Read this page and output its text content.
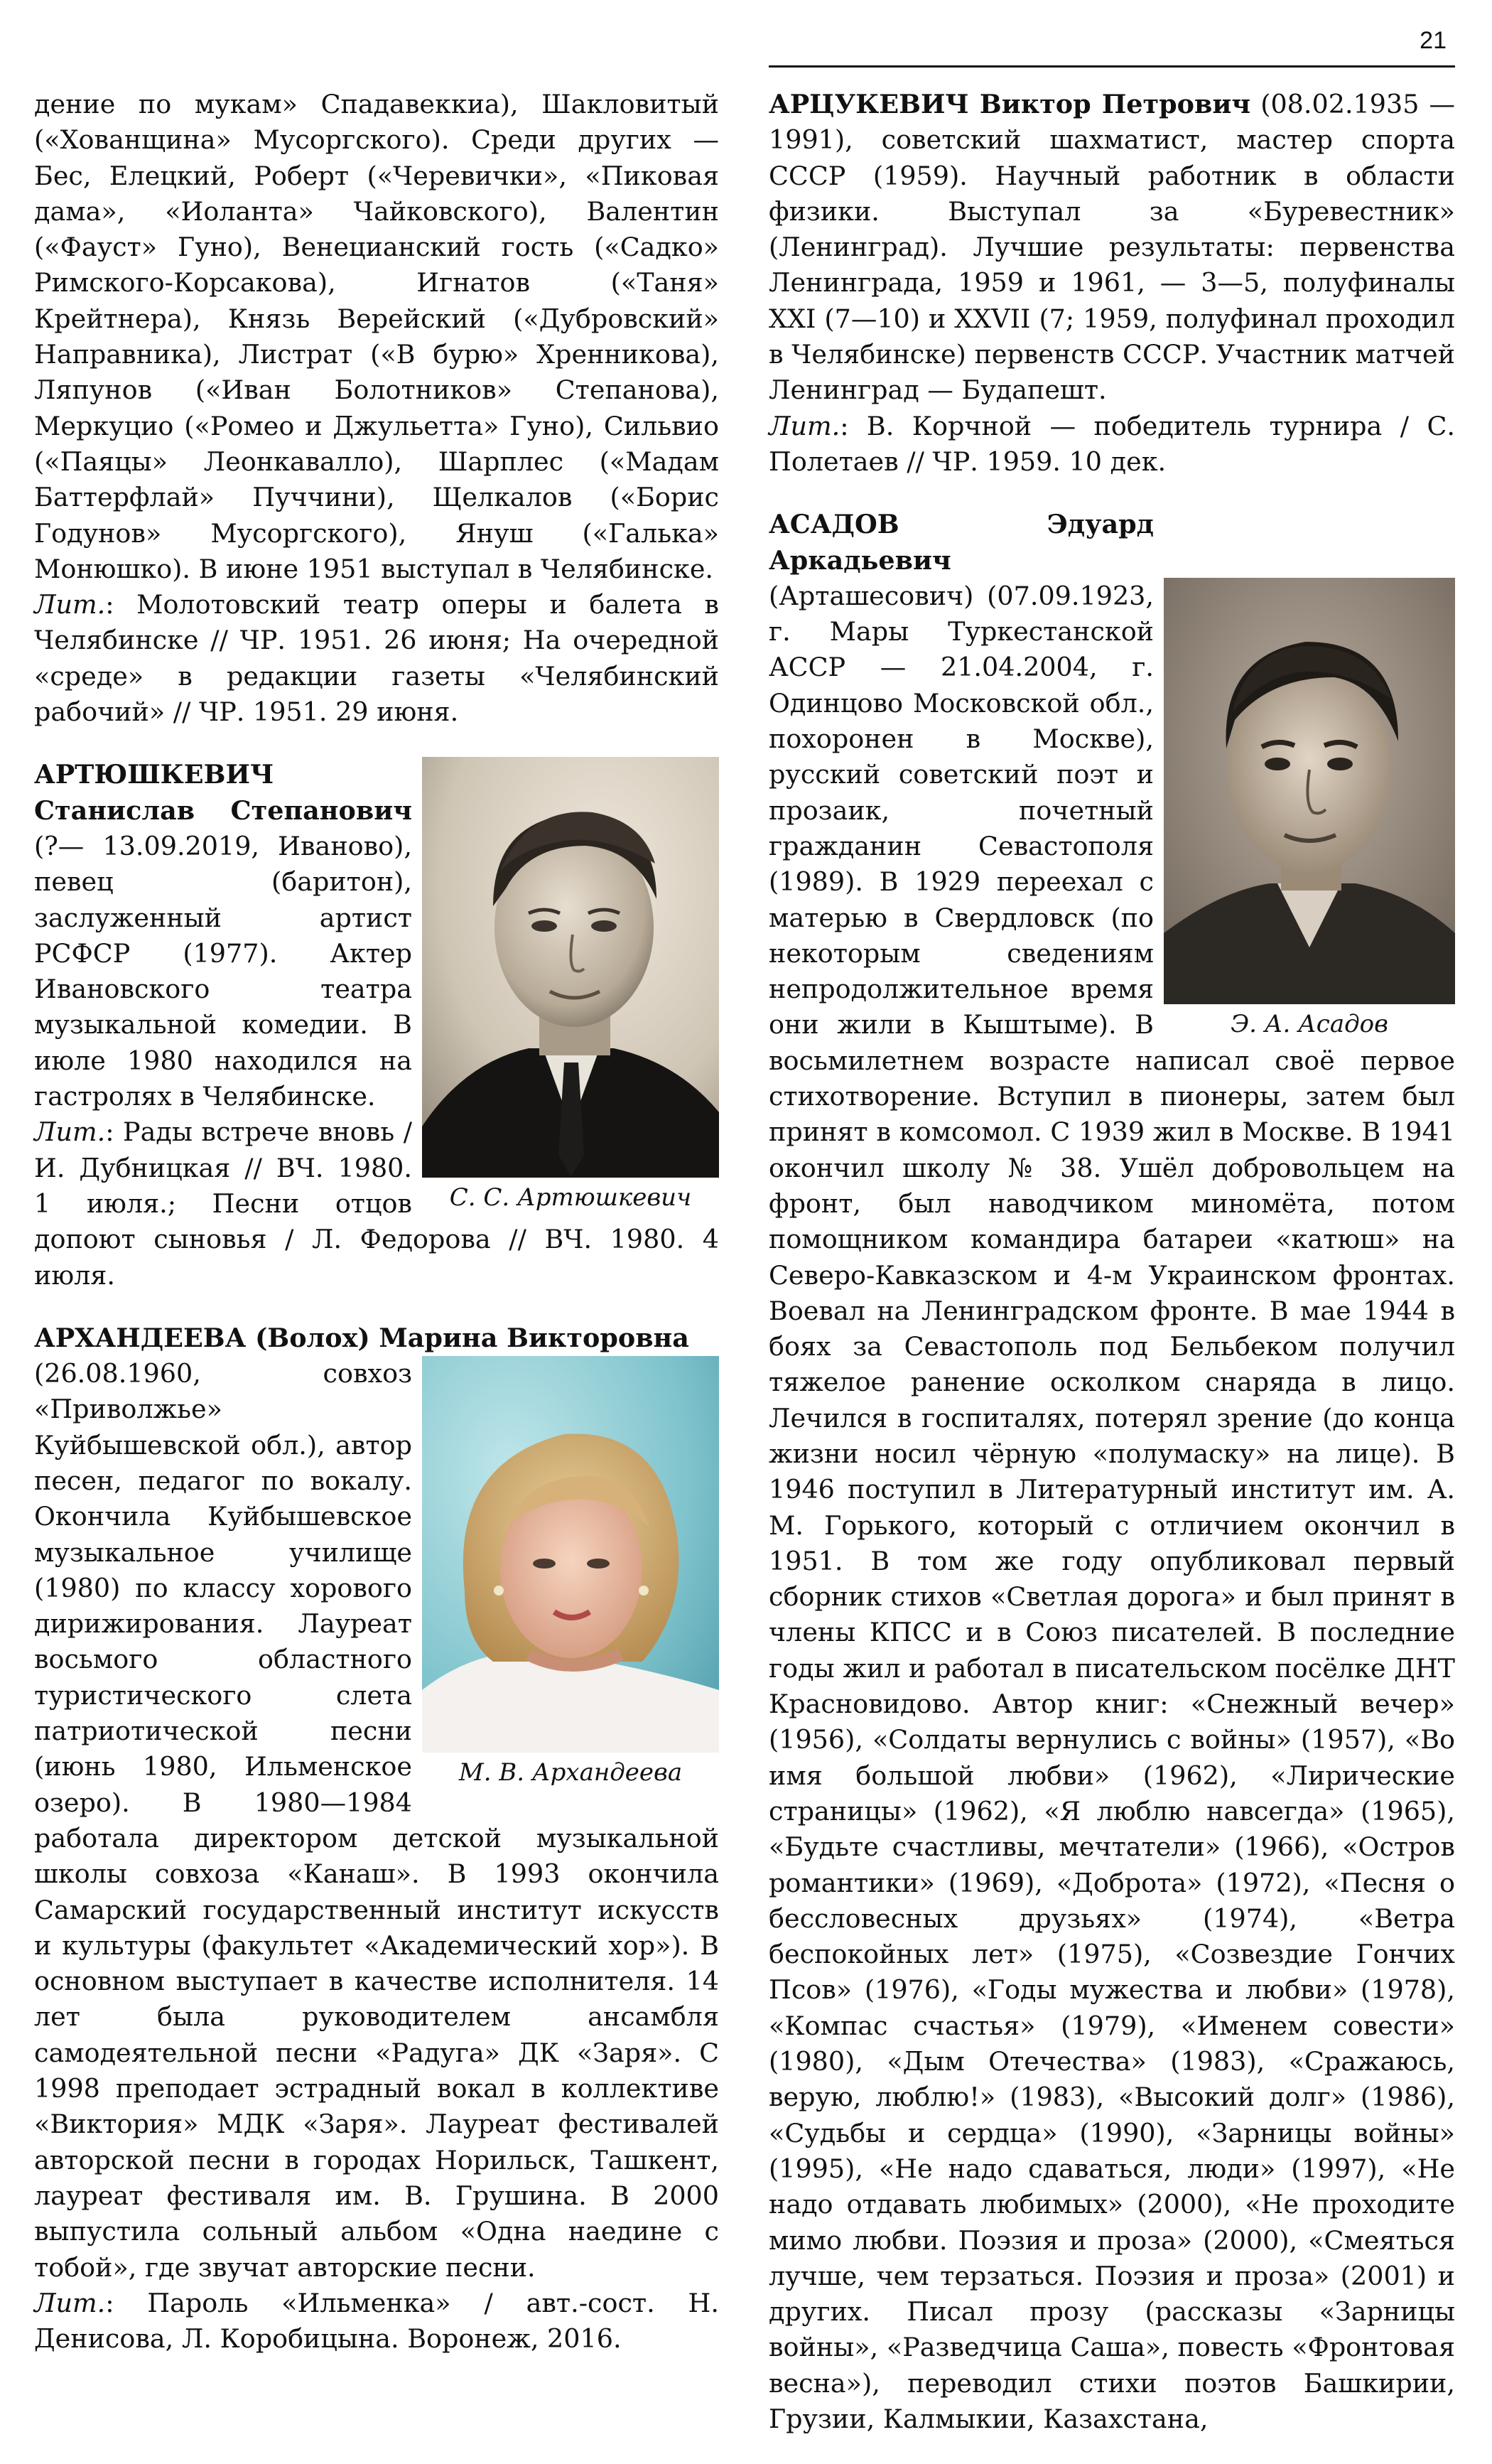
21

дение по мукам» Спадавеккиа), Шакловитый («Хованщина» Мусоргского). Среди других — Бес, Елецкий, Роберт («Черевички», «Пиковая дама», «Иоланта» Чайковского), Валентин («Фауст» Гуно), Венецианский гость («Садко» Римского-Корсакова), Игнатов («Таня» Крейтнера), Князь Верейский («Дубровский» Направника), Листрат («В бурю» Хренникова), Ляпунов («Иван Болотников» Степанова), Меркуцио («Ромео и Джульетта» Гуно), Сильвио («Паяцы» Леонкавалло), Шарплес («Мадам Баттерфлай» Пуччини), Щелкалов («Борис Годунов» Мусоргского), Януш («Галька» Монюшко). В июне 1951 выступал в Челябинске.

Лит.: Молотовский театр оперы и балета в Челябинске // ЧР. 1951. 26 июня; На очередной «среде» в редакции газеты «Челябинский рабочий» // ЧР. 1951. 29 июня.

С. С. Артюшкевич

АРТЮШКЕВИЧ Станислав Степанович (?— 13.09.2019, Иваново), певец (баритон), заслуженный артист РСФСР (1977). Актер Ивановского театра музыкальной комедии. В июле 1980 находился на гастролях в Челябинске.

Лит.: Рады встрече вновь / И. Дубницкая // ВЧ. 1980. 1 июля.; Песни отцов допоют сыновья / Л. Федорова // ВЧ. 1980. 4 июля.

АРХАНДЕЕВА (Волох) Марина Викторовна

М. В. Архандеева

(26.08.1960, совхоз «Приволжье» Куйбышевской обл.), автор песен, педагог по вокалу. Окончила Куйбышевское музыкальное училище (1980) по классу хорового дирижирования. Лауреат восьмого областного туристического слета патриотической песни (июнь 1980, Ильменское озеро). В 1980—1984 работала директором детской музыкальной школы совхоза «Канаш». В 1993 окончила Самарский государственный институт искусств и культуры (факультет «Академический хор»). В основном выступает в качестве исполнителя. 14 лет была руководителем ансамбля самодеятельной песни «Радуга» ДК «Заря». С 1998 преподает эстрадный вокал в коллективе «Виктория» МДК «Заря». Лауреат фестивалей авторской песни в городах Норильск, Ташкент, лауреат фестиваля им. В. Грушина. В 2000 выпустила сольный альбом «Одна наедине с тобой», где звучат авторские песни.

Лит.: Пароль «Ильменка» / авт.-сост. Н. Денисова, Л. Коробицына. Воронеж, 2016.

АРЦУКЕВИЧ Виктор Петрович (08.02.1935 — 1991), советский шахматист, мастер спорта СССР (1959). Научный работник в области физики. Выступал за «Буревестник» (Ленинград). Лучшие результаты: первенства Ленинграда, 1959 и 1961, — 3—5, полуфиналы XXI (7—10) и XXVII (7; 1959, полуфинал проходил в Челябинске) первенств СССР. Участник матчей Ленинград — Будапешт.

Лит.: В. Корчной — победитель турнира / С. Полетаев // ЧР. 1959. 10 дек.

Э. А. Асадов

АСАДОВ Эдуард Аркадьевич (Арташесович) (07.09.1923, г. Мары Туркестанской АССР — 21.04.2004, г. Одинцово Московской обл., похоронен в Москве), русский советский поэт и прозаик, почетный гражданин Севастополя (1989). В 1929 переехал с матерью в Свердловск (по некоторым сведениям непродолжительное время они жили в Кыштыме). В восьмилетнем возрасте написал своё первое стихотворение. Вступил в пионеры, затем был принят в комсомол. С 1939 жил в Москве. В 1941 окончил школу № 38. Ушёл добровольцем на фронт, был наводчиком миномёта, потом помощником командира батареи «катюш» на Северо-Кавказском и 4-м Украинском фронтах. Воевал на Ленинградском фронте. В мае 1944 в боях за Севастополь под Бельбеком получил тяжелое ранение осколком снаряда в лицо. Лечился в госпиталях, потерял зрение (до конца жизни носил чёрную «полумаску» на лице). В 1946 поступил в Литературный институт им. А. М. Горького, который с отличием окончил в 1951. В том же году опубликовал первый сборник стихов «Светлая дорога» и был принят в члены КПСС и в Союз писателей. В последние годы жил и работал в писательском посёлке ДНТ Красновидово. Автор книг: «Снежный вечер» (1956), «Солдаты вернулись с войны» (1957), «Во имя большой любви» (1962), «Лирические страницы» (1962), «Я люблю навсегда» (1965), «Будьте счастливы, мечтатели» (1966), «Остров романтики» (1969), «Доброта» (1972), «Песня о бессловесных друзьях» (1974), «Ветра беспокойных лет» (1975), «Созвездие Гончих Псов» (1976), «Годы мужества и любви» (1978), «Компас счастья» (1979), «Именем совести» (1980), «Дым Отечества» (1983), «Сражаюсь, верую, люблю!» (1983), «Высокий долг» (1986), «Судьбы и сердца» (1990), «Зарницы войны» (1995), «Не надо сдаваться, люди» (1997), «Не надо отдавать любимых» (2000), «Не проходите мимо любви. Поэзия и проза» (2000), «Смеяться лучше, чем терзаться. Поэзия и проза» (2001) и других. Писал прозу (рассказы «Зарницы войны», «Разведчица Саша», повесть «Фронтовая весна»), переводил стихи поэтов Башкирии, Грузии, Калмыкии, Казахстана,
